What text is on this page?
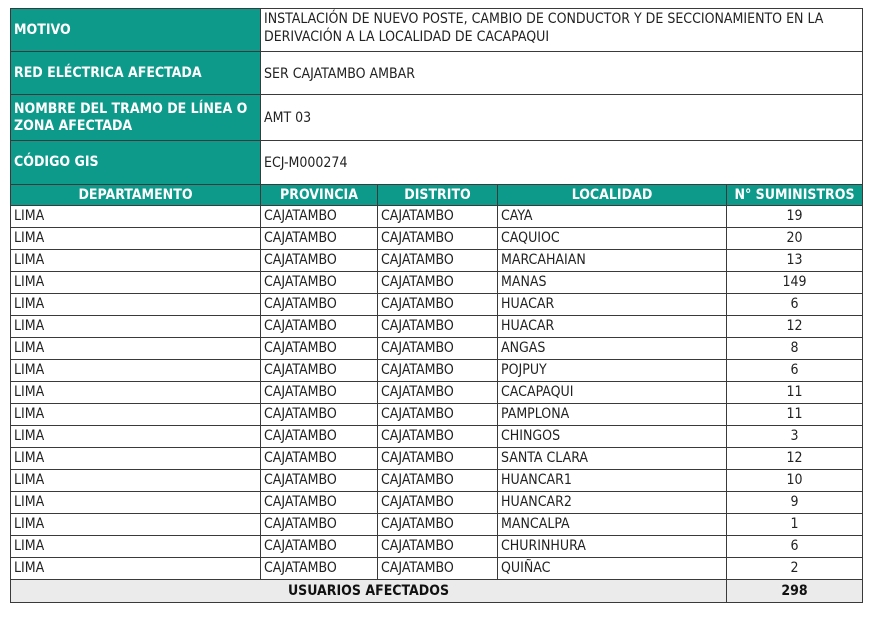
MOTIVO	INSTALACIÓN DE NUEVO POSTE, CAMBIO DE CONDUCTOR Y DE SECCIONAMIENTO EN LA DERIVACIÓN A LA LOCALIDAD DE CACAPAQUI			
RED ELÉCTRICA AFECTADA	SER CAJATAMBO AMBAR			
NOMBRE DEL TRAMO DE LÍNEA O ZONA AFECTADA	AMT 03			
CÓDIGO GIS	ECJ-M000274			
DEPARTAMENTO	PROVINCIA	DISTRITO	LOCALIDAD	N° SUMINISTROS
LIMA	CAJATAMBO	CAJATAMBO	CAYA	19
LIMA	CAJATAMBO	CAJATAMBO	CAQUIOC	20
LIMA	CAJATAMBO	CAJATAMBO	MARCAHAIAN	13
LIMA	CAJATAMBO	CAJATAMBO	MANAS	149
LIMA	CAJATAMBO	CAJATAMBO	HUACAR	6
LIMA	CAJATAMBO	CAJATAMBO	HUACAR	12
LIMA	CAJATAMBO	CAJATAMBO	ANGAS	8
LIMA	CAJATAMBO	CAJATAMBO	POJPUY	6
LIMA	CAJATAMBO	CAJATAMBO	CACAPAQUI	11
LIMA	CAJATAMBO	CAJATAMBO	PAMPLONA	11
LIMA	CAJATAMBO	CAJATAMBO	CHINGOS	3
LIMA	CAJATAMBO	CAJATAMBO	SANTA CLARA	12
LIMA	CAJATAMBO	CAJATAMBO	HUANCAR1	10
LIMA	CAJATAMBO	CAJATAMBO	HUANCAR2	9
LIMA	CAJATAMBO	CAJATAMBO	MANCALPA	1
LIMA	CAJATAMBO	CAJATAMBO	CHURINHURA	6
LIMA	CAJATAMBO	CAJATAMBO	QUIÑAC	2
USUARIOS AFECTADOS				298
